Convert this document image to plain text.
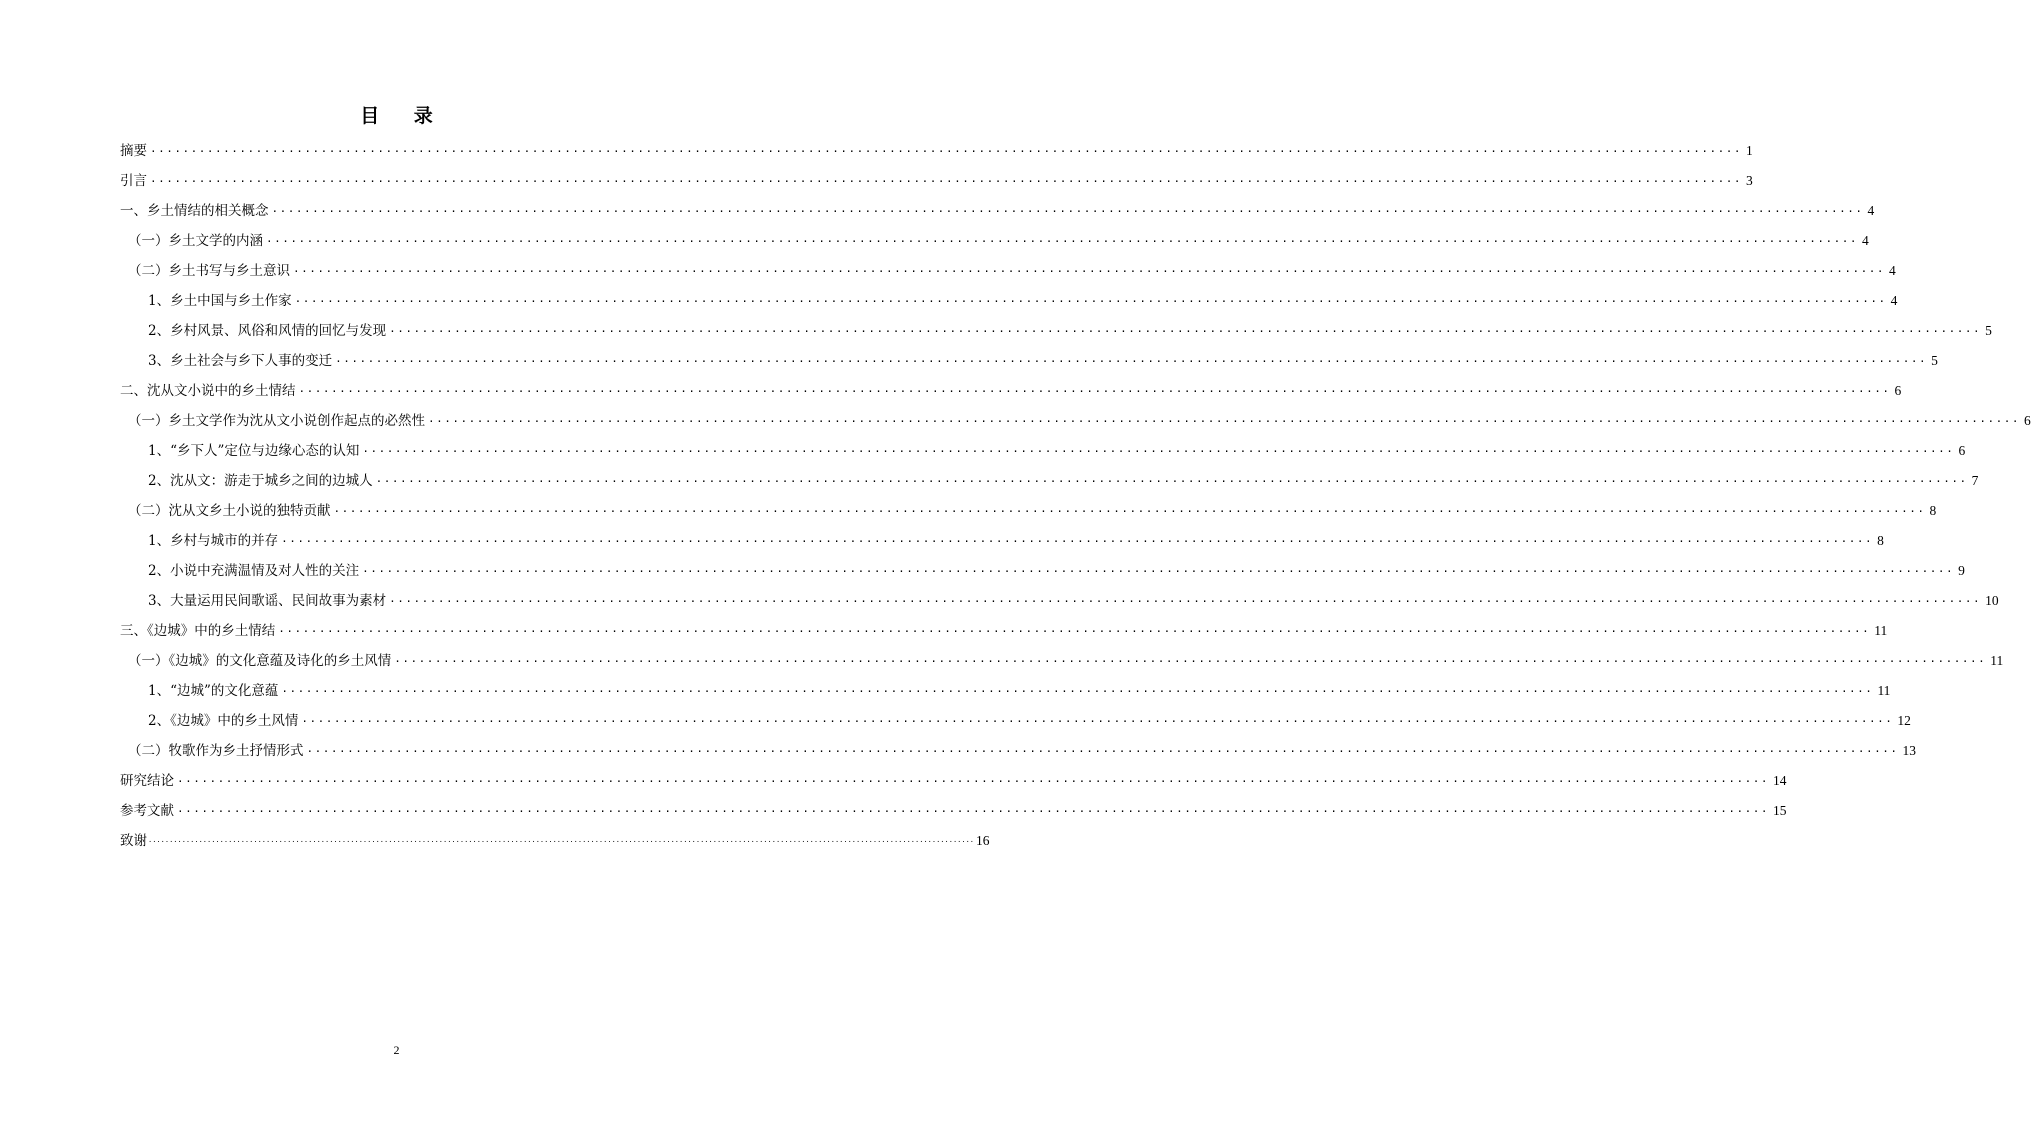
目 录
摘要 .................................................................................................................................................................................................... 1
引言 .................................................................................................................................................................................................... 3
一、乡土情结的相关概念 .................................................................................................................................................................................................... 4
（一）乡土文学的内涵 .................................................................................................................................................................................................... 4
（二）乡土书写与乡土意识 .................................................................................................................................................................................................... 4
1、乡土中国与乡土作家 .................................................................................................................................................................................................... 4
2、乡村风景、风俗和风情的回忆与发现 .................................................................................................................................................................................................... 5
3、乡土社会与乡下人事的变迁 .................................................................................................................................................................................................... 5
二、沈从文小说中的乡土情结 .................................................................................................................................................................................................... 6
（一）乡土文学作为沈从文小说创作起点的必然性 .................................................................................................................................................................................................... 6
1、“乡下人”定位与边缘心态的认知 .................................................................................................................................................................................................... 6
2、沈从文：游走于城乡之间的边城人 .................................................................................................................................................................................................... 7
（二）沈从文乡土小说的独特贡献 .................................................................................................................................................................................................... 8
1、乡村与城市的并存 .................................................................................................................................................................................................... 8
2、小说中充满温情及对人性的关注 .................................................................................................................................................................................................... 9
3、大量运用民间歌谣、民间故事为素材 .................................................................................................................................................................................................... 10
三、《边城》中的乡土情结 .................................................................................................................................................................................................... 11
（一）《边城》的文化意蕴及诗化的乡土风情 .................................................................................................................................................................................................... 11
1、“边城”的文化意蕴 .................................................................................................................................................................................................... 11
2、《边城》中的乡土风情 .................................................................................................................................................................................................... 12
（二）牧歌作为乡土抒情形式 .................................................................................................................................................................................................... 13
研究结论 .................................................................................................................................................................................................... 14
参考文献 .................................................................................................................................................................................................... 15
致谢 .................................................................................................................................................................................................... 16
2
